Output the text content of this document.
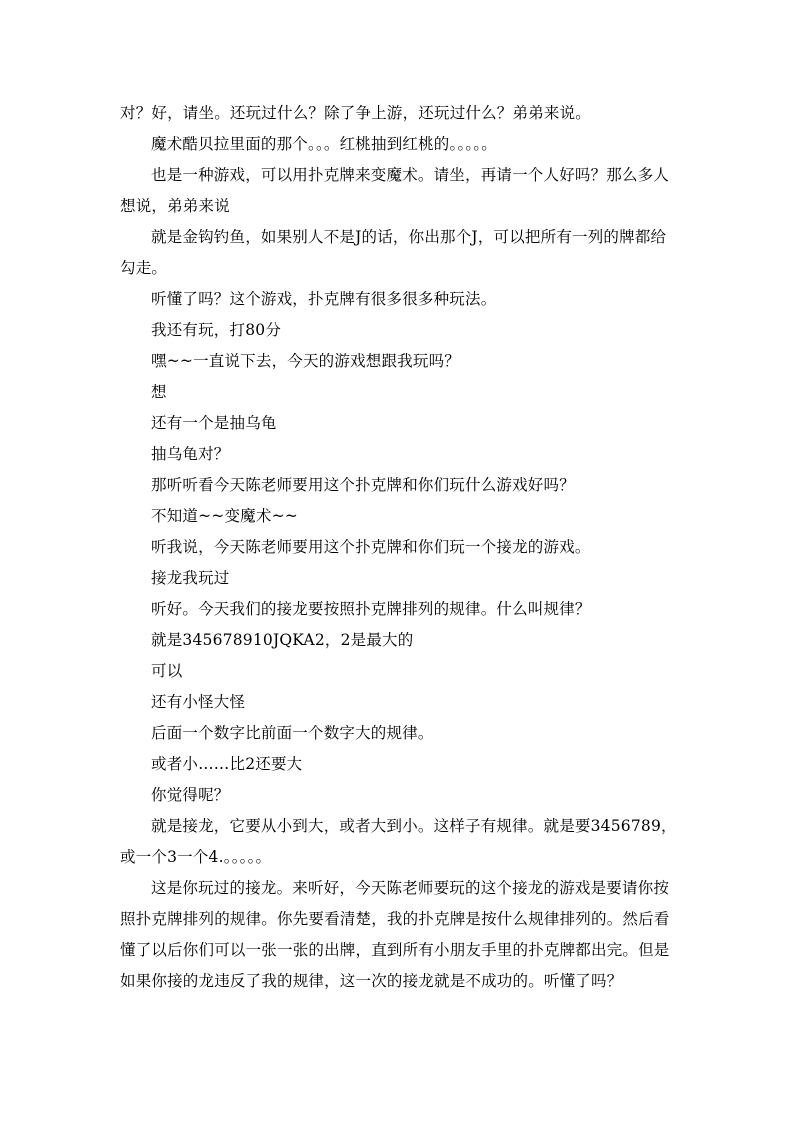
对？好，请坐。还玩过什么？除了争上游，还玩过什么？弟弟来说。

魔术酷贝拉里面的那个。。。红桃抽到红桃的。。。。。

也是一种游戏，可以用扑克牌来变魔术。请坐，再请一个人好吗？那么多人想说，弟弟来说

就是金钩钓鱼，如果别人不是J的话，你出那个J，可以把所有一列的牌都给勾走。

听懂了吗？这个游戏，扑克牌有很多很多种玩法。

我还有玩，打80分

嘿~~一直说下去，今天的游戏想跟我玩吗？

想

还有一个是抽乌龟

抽乌龟对？

那听听看今天陈老师要用这个扑克牌和你们玩什么游戏好吗？

不知道~~变魔术~~

听我说，今天陈老师要用这个扑克牌和你们玩一个接龙的游戏。

接龙我玩过

听好。今天我们的接龙要按照扑克牌排列的规律。什么叫规律？

就是345678910JQKA2，2是最大的

可以

还有小怪大怪

后面一个数字比前面一个数字大的规律。

或者小……比2还要大

你觉得呢？

就是接龙，它要从小到大，或者大到小。这样子有规律。就是要3456789，或一个3一个4.。。。。。

这是你玩过的接龙。来听好，今天陈老师要玩的这个接龙的游戏是要请你按照扑克牌排列的规律。你先要看清楚，我的扑克牌是按什么规律排列的。然后看懂了以后你们可以一张一张的出牌，直到所有小朋友手里的扑克牌都出完。但是如果你接的龙违反了我的规律，这一次的接龙就是不成功的。听懂了吗？
